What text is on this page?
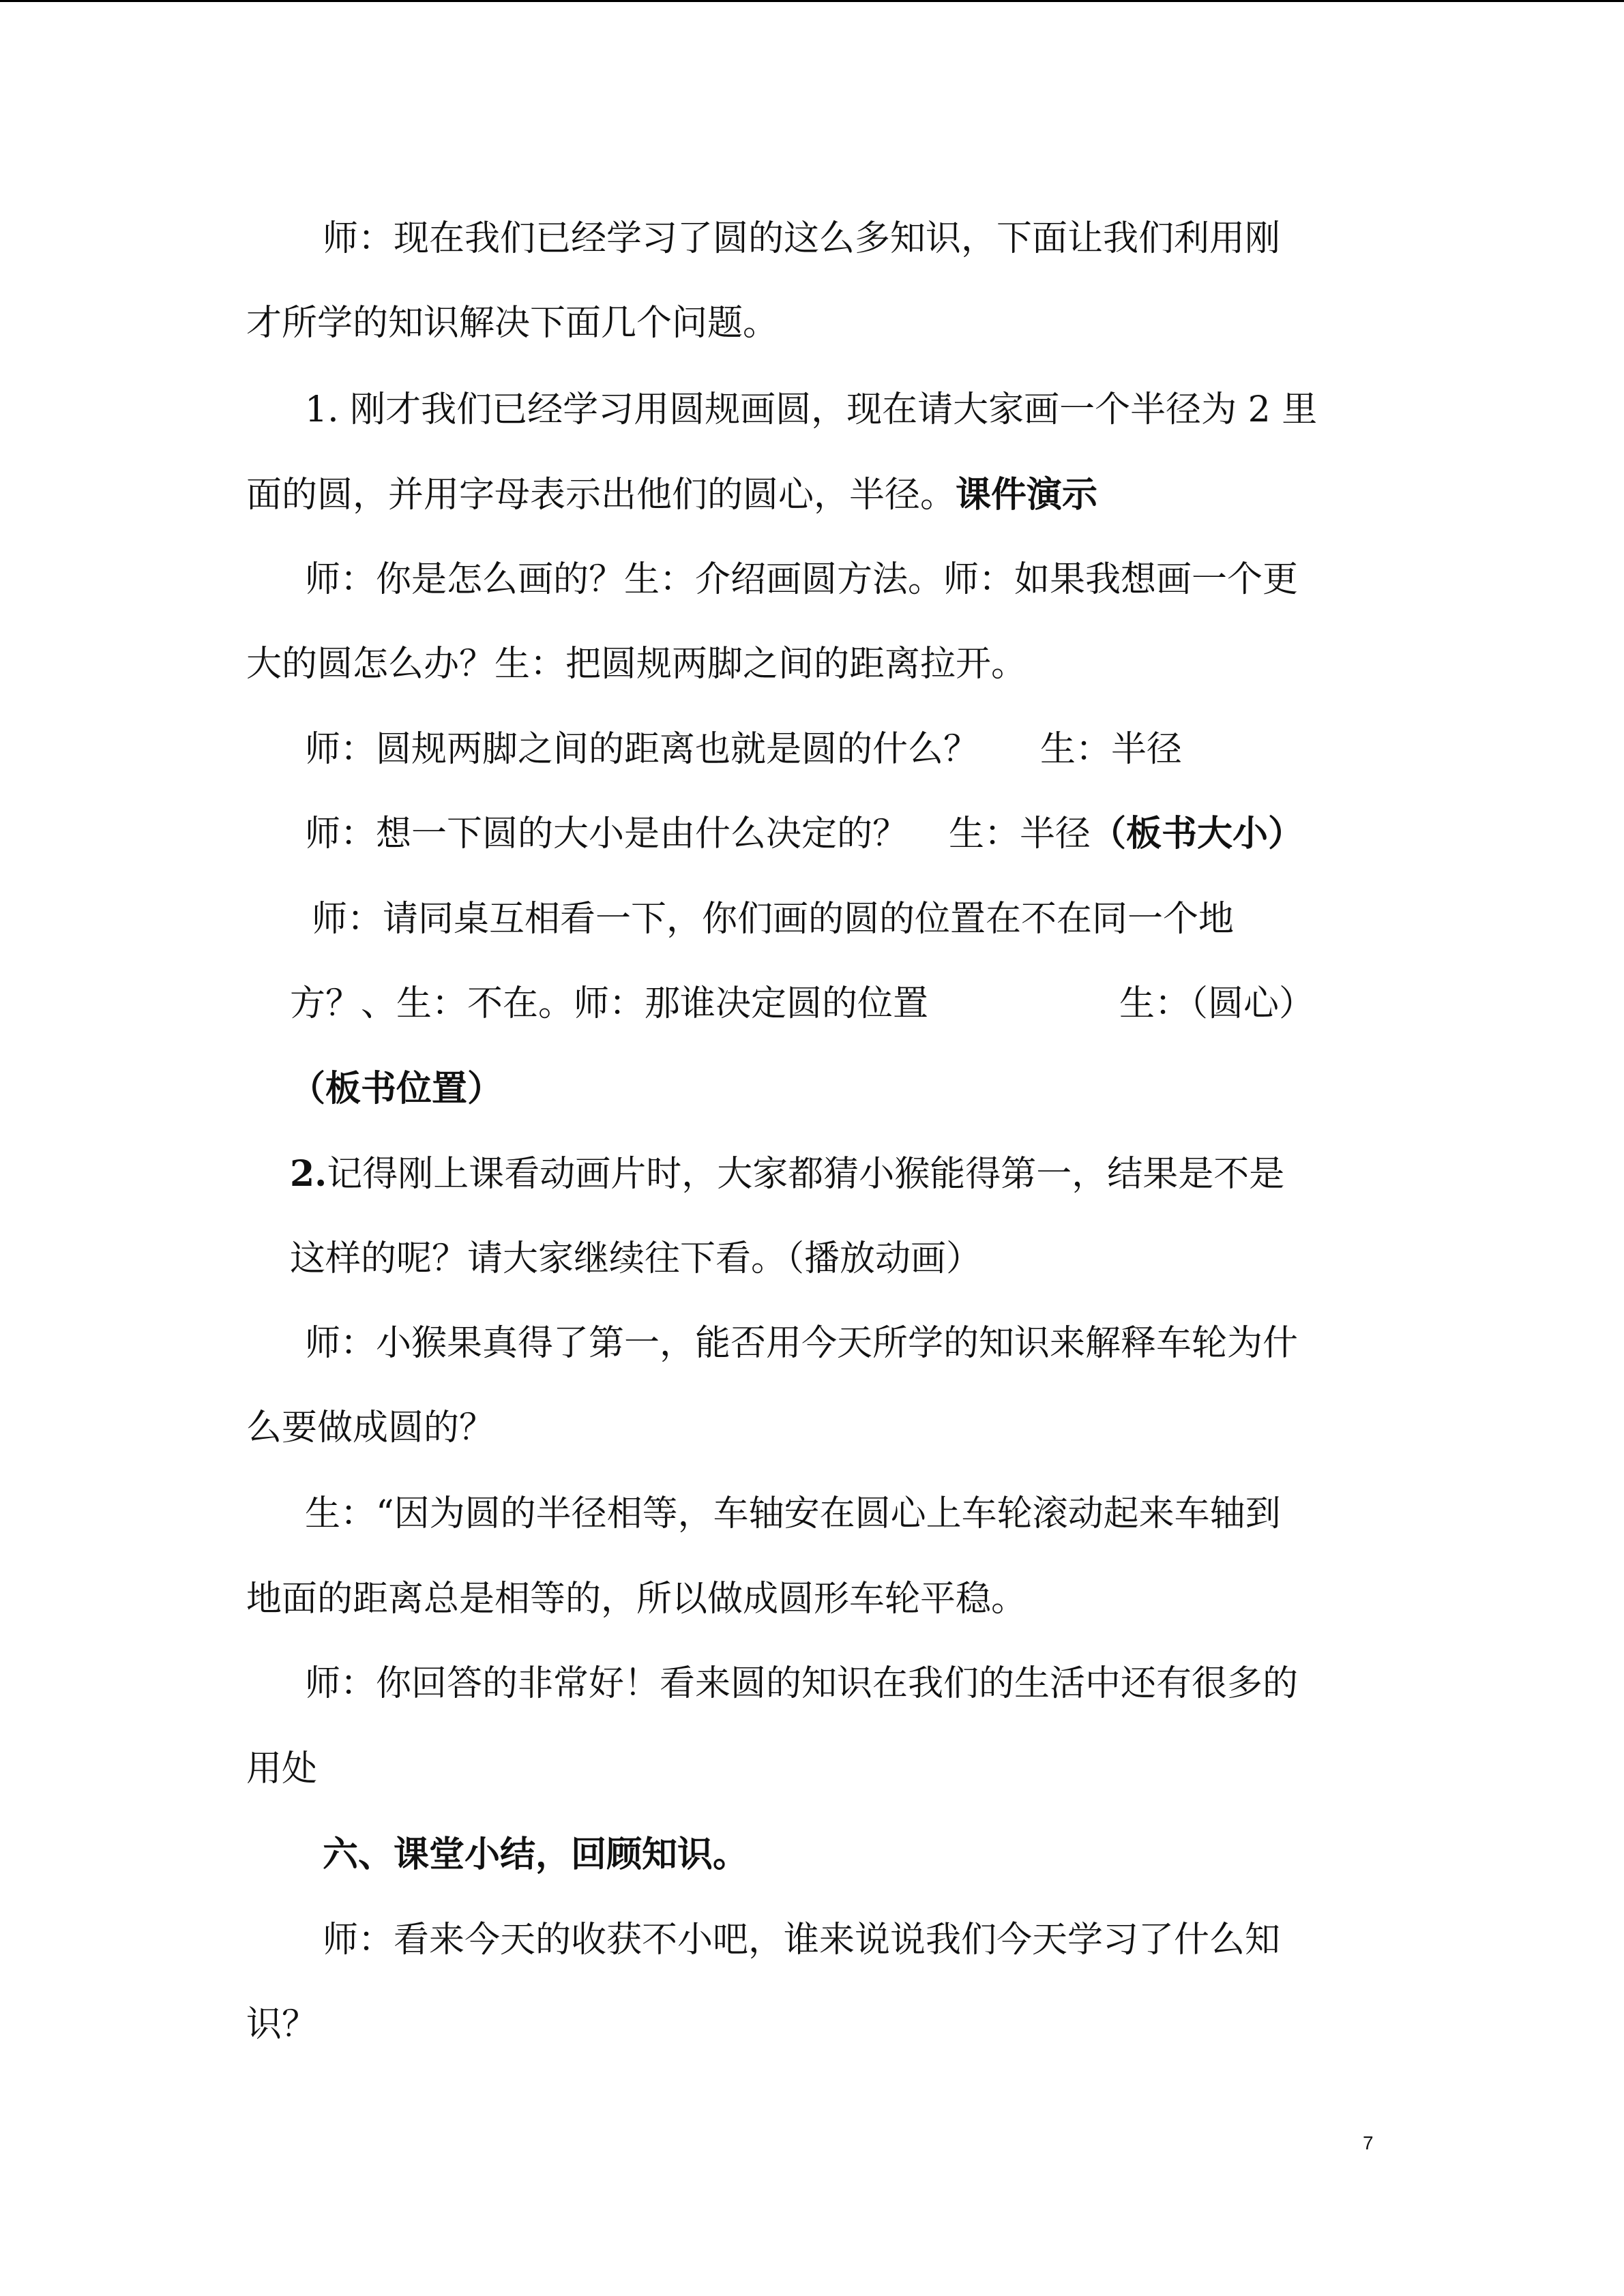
师：现在我们已经学习了圆的这么多知识，下面让我们利用刚
才所学的知识解决下面几个问题。
1. 刚才我们已经学习用圆规画圆，现在请大家画一个半径为 2 里
面的圆，并用字母表示出他们的圆心，半径。课件演示
师：你是怎么画的？生：介绍画圆方法。师：如果我想画一个更
大的圆怎么办？生：把圆规两脚之间的距离拉开。
师：圆规两脚之间的距离也就是圆的什么？ 生：半径
师：想一下圆的大小是由什么决定的？ 生：半径（板书大小）
师：请同桌互相看一下，你们画的圆的位置在不在同一个地
方？、生：不在。师：那谁决定圆的位置	生：（圆心）
（板书位置）
2.记得刚上课看动画片时，大家都猜小猴能得第一，结果是不是
这样的呢？请大家继续往下看。（播放动画）
师：小猴果真得了第一，能否用今天所学的知识来解释车轮为什
么要做成圆的？
生：“因为圆的半径相等，车轴安在圆心上车轮滚动起来车轴到
地面的距离总是相等的，所以做成圆形车轮平稳。
师：你回答的非常好！看来圆的知识在我们的生活中还有很多的
用处
六、课堂小结，回顾知识。
师：看来今天的收获不小吧，谁来说说我们今天学习了什么知
识？
7
